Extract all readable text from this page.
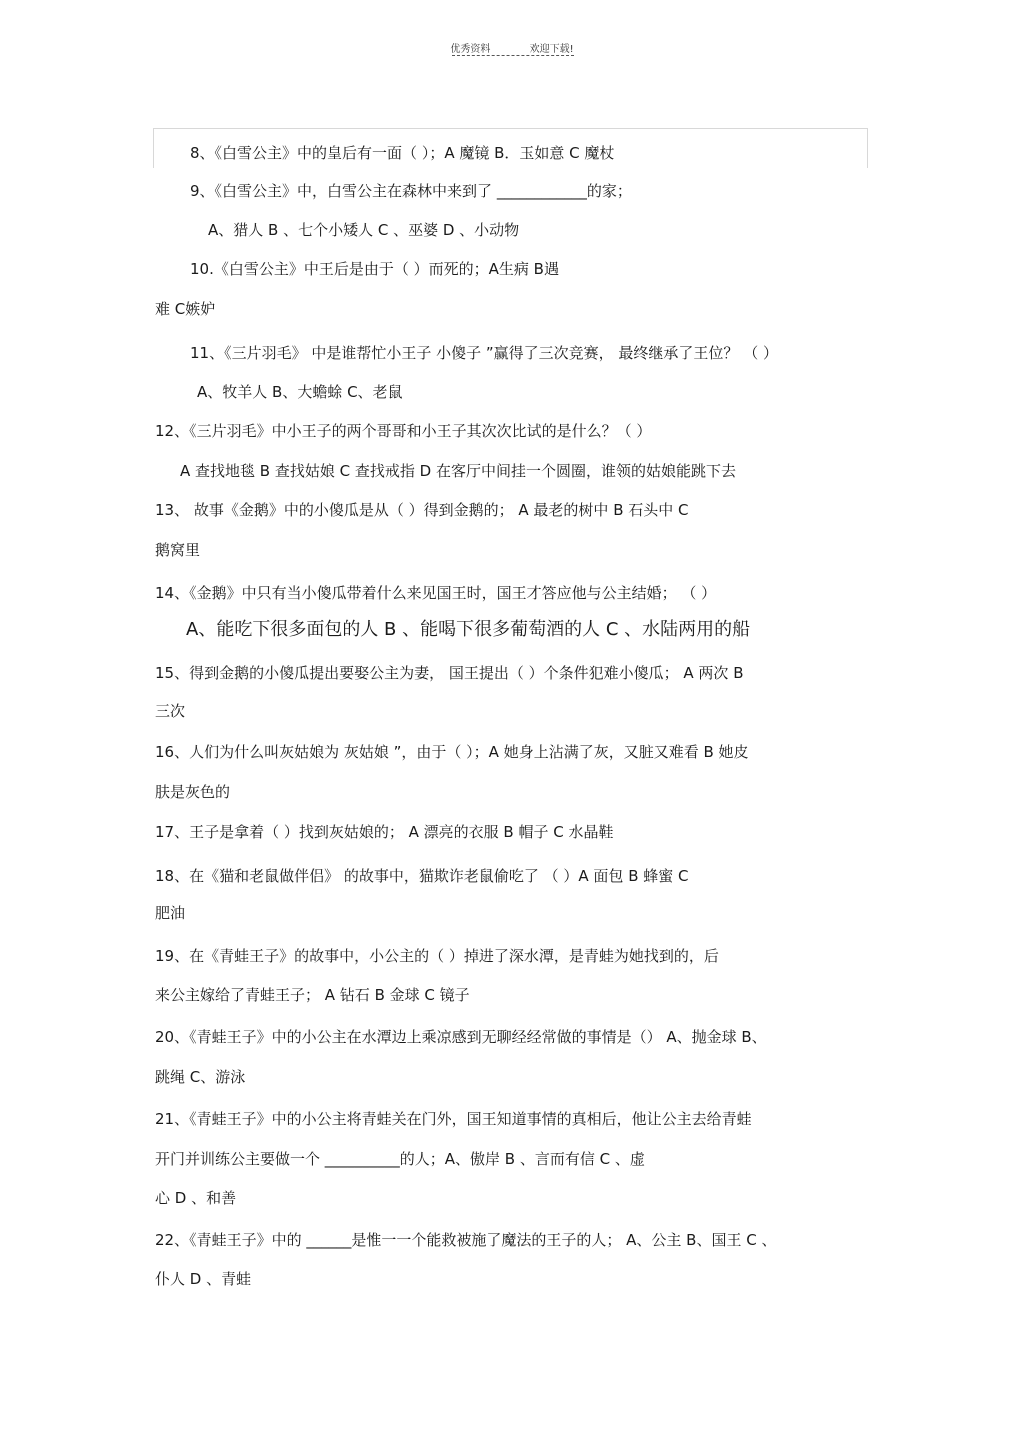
优秀资料	欢迎下载!
8、《白雪公主》中的皇后有一面（ ）；A 魔镜 B．玉如意 C 魔杖
9、《白雪公主》中，白雪公主在森林中来到了 ____________的家；
A、猎人 B 、七个小矮人 C 、巫婆 D 、小动物
10.《白雪公主》中王后是由于（ ）而死的；A生病 B遇
难 C嫉妒
11、《三片羽毛》 中是谁帮忙小王子 小傻子 ”赢得了三次竞赛， 最终继承了王位？ （ ）
A、牧羊人 B、大蟾蜍 C、老鼠
12、《三片羽毛》中小王子的两个哥哥和小王子其次次比试的是什么？（ ）
A 查找地毯 B 查找姑娘 C 查找戒指 D 在客厅中间挂一个圆圈，谁领的姑娘能跳下去
13、 故事《金鹅》中的小傻瓜是从（ ）得到金鹅的； A 最老的树中 B 石头中 C
鹅窝里
14、《金鹅》中只有当小傻瓜带着什么来见国王时，国王才答应他与公主结婚； （ ）
A、能吃下很多面包的人 B 、能喝下很多葡萄酒的人 C 、水陆两用的船
15、得到金鹅的小傻瓜提出要娶公主为妻， 国王提出（ ）个条件犯难小傻瓜； A 两次 B
三次
16、人们为什么叫灰姑娘为 灰姑娘 ”，由于（ ）；A 她身上沾满了灰，又脏又难看 B 她皮
肤是灰色的
17、王子是拿着（ ）找到灰姑娘的； A 漂亮的衣服 B 帽子 C 水晶鞋
18、在《猫和老鼠做伴侣》 的故事中，猫欺诈老鼠偷吃了 （ ）A 面包 B 蜂蜜 C
肥油
19、在《青蛙王子》的故事中，小公主的（ ）掉进了深水潭，是青蛙为她找到的，后
来公主嫁给了青蛙王子； A 钻石 B 金球 C 镜子
20、《青蛙王子》中的小公主在水潭边上乘凉感到无聊经经常做的事情是（） A、抛金球 B、
跳绳 C、游泳
21、《青蛙王子》中的小公主将青蛙关在门外，国王知道事情的真相后，他让公主去给青蛙
开门并训练公主要做一个 __________的人；A、傲岸 B 、言而有信 C 、虚
心 D 、和善
22、《青蛙王子》中的 ______是惟一一个能救被施了魔法的王子的人； A、公主 B、国王 C 、
仆人 D 、青蛙
